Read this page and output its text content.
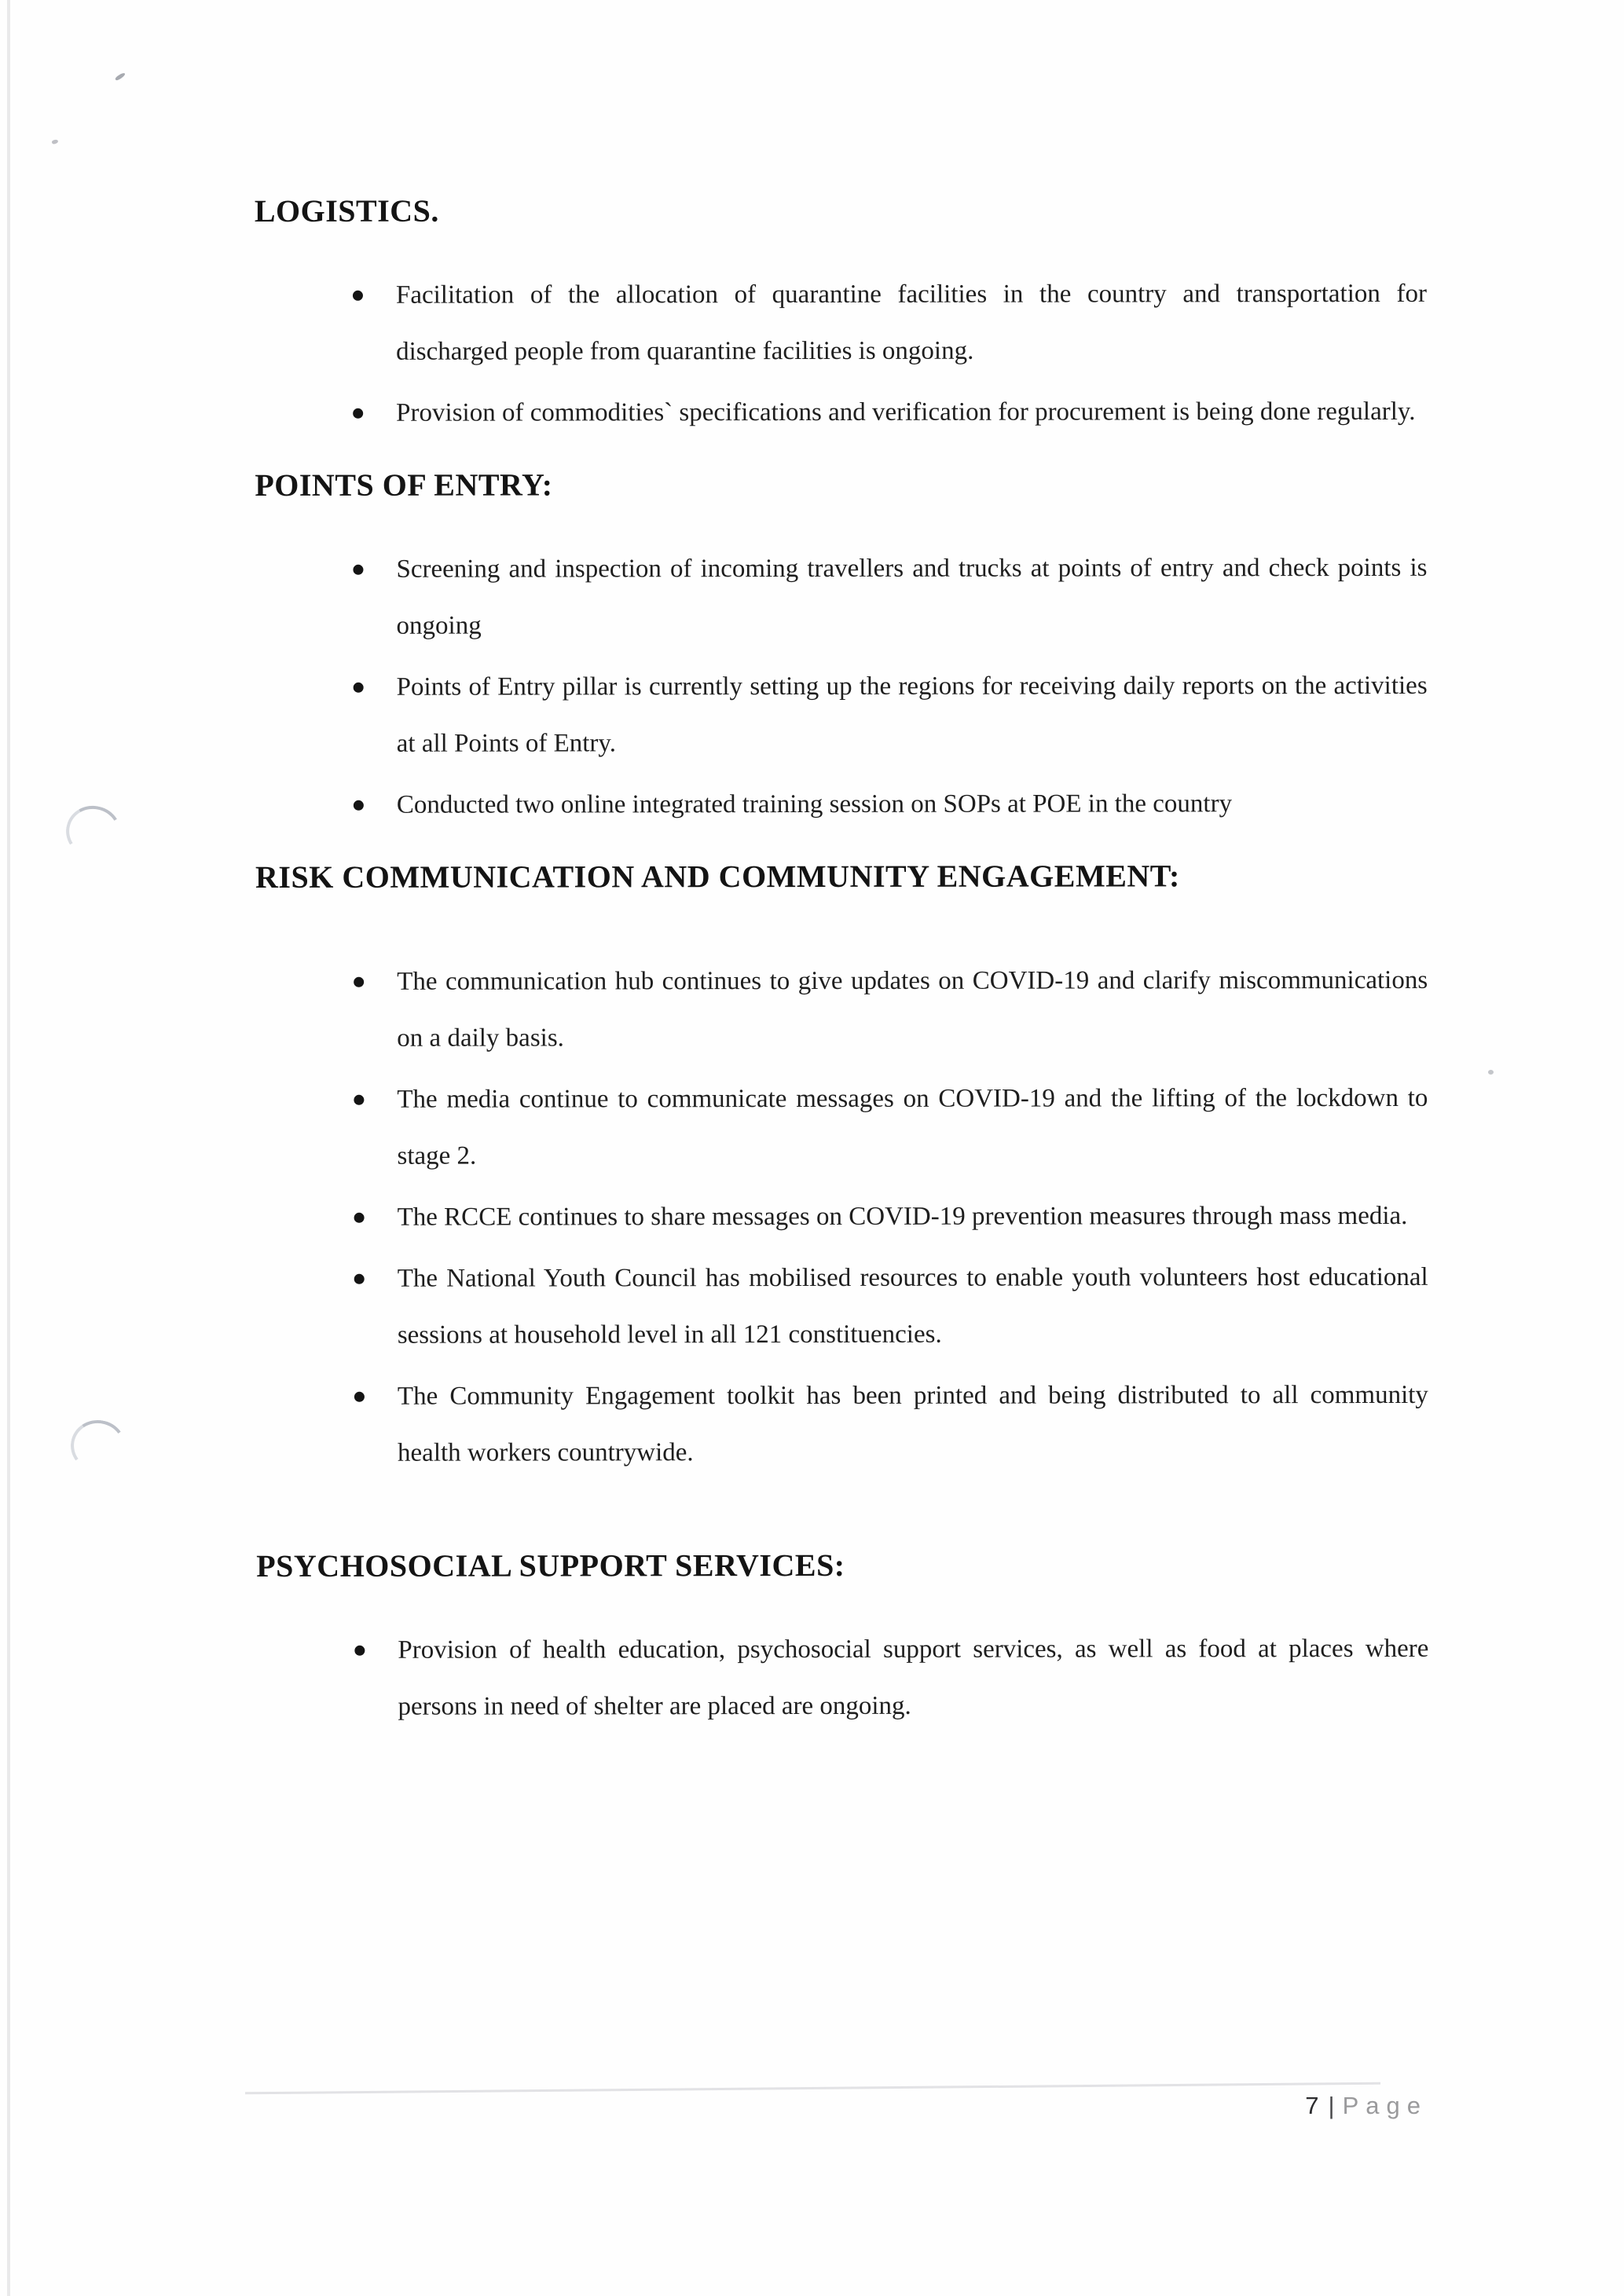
LOGISTICS.
Facilitation of the allocation of quarantine facilities in the country and transportation for discharged people from quarantine facilities is ongoing.
Provision of commodities` specifications and verification for procurement is being done regularly.
POINTS OF ENTRY:
Screening and inspection of incoming travellers and trucks at points of entry and check points is ongoing
Points of Entry pillar is currently setting up the regions for receiving daily reports on the activities at all Points of Entry.
Conducted two online integrated training session on SOPs at POE in the country
RISK COMMUNICATION AND COMMUNITY ENGAGEMENT:
The communication hub continues to give updates on COVID-19 and clarify miscommunications on a daily basis.
The media continue to communicate messages on COVID-19 and the lifting of the lockdown to stage 2.
The RCCE continues to share messages on COVID-19 prevention measures through mass media.
The National Youth Council has mobilised resources to enable youth volunteers host educational sessions at household level in all 121 constituencies.
The Community Engagement toolkit has been printed and being distributed to all community health workers countrywide.
PSYCHOSOCIAL SUPPORT SERVICES:
Provision of health education, psychosocial support services, as well as food at places where persons in need of shelter are placed are ongoing.
7 | Page
